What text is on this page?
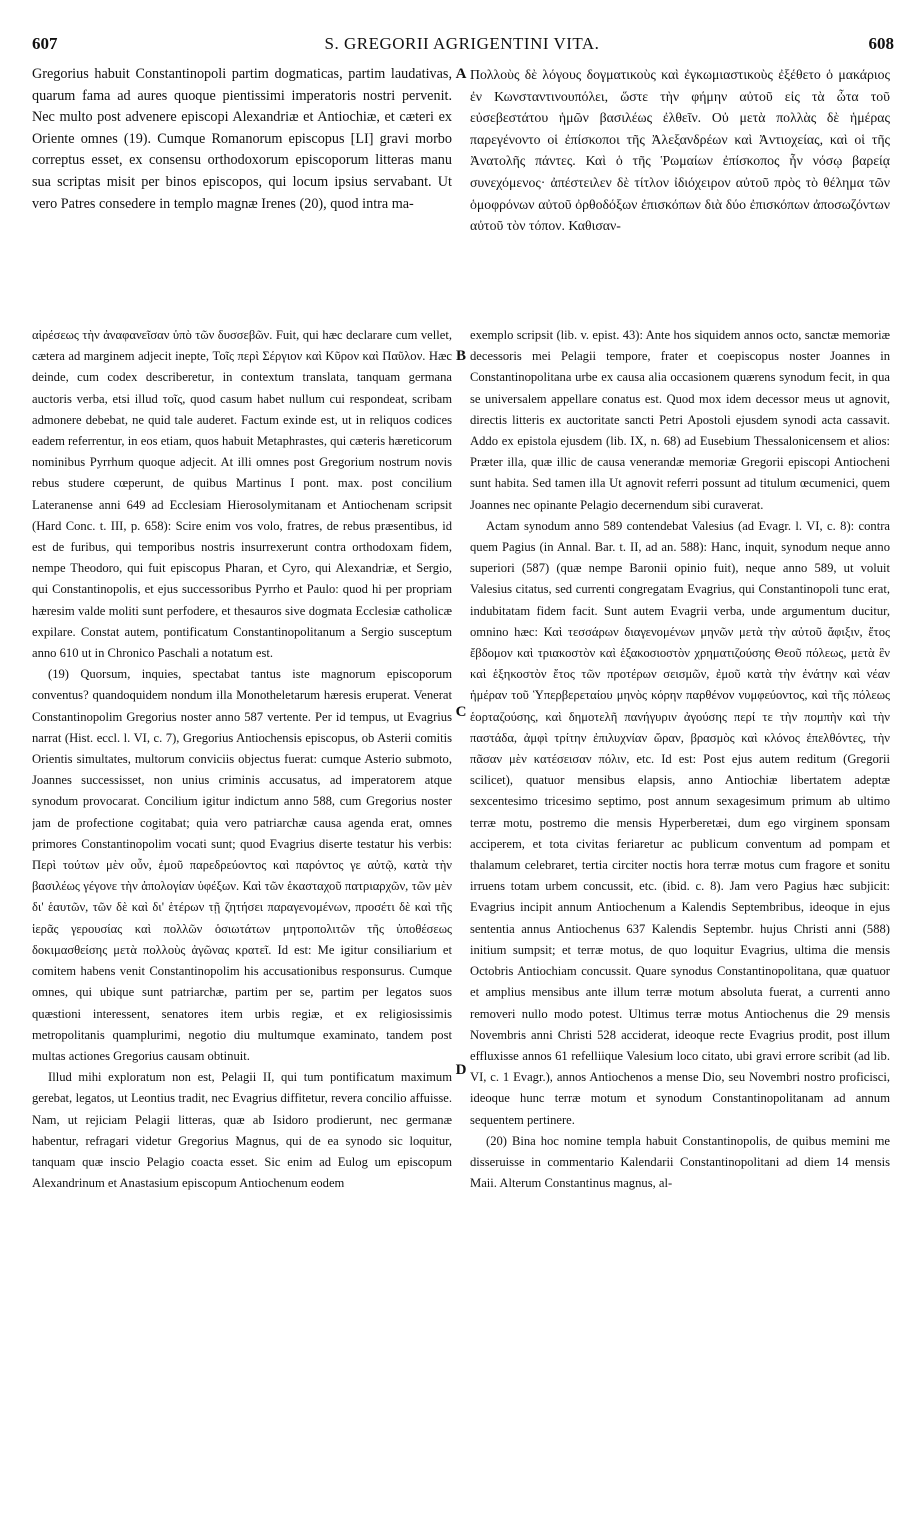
607	S. GREGORII AGRIGENTINI VITA.	608

Gregorius habuit Constantinopoli partim dogmaticas, partim laudativas, quarum fama ad aures quoque pientissimi imperatoris nostri pervenit. Nec multo post advenere episcopi Alexandriæ et Antiochiæ, et cæteri ex Oriente omnes (19). Cumque Romanorum episcopus [LI] gravi morbo correptus esset, ex consensu orthodoxorum episcoporum litteras manu sua scriptas misit per binos episcopos, qui locum ipsius servabant. Ut vero Patres consedere in templo magnæ Irenes (20), quod intra ma-

Πολλοὺς δὲ λόγους δογματικοὺς καὶ ἐγκωμιαστικοὺς ἐξέθετο ὁ μακάριος ἐν Κωνσταντινουπόλει, ὥστε τὴν φήμην αὐτοῦ εἰς τὰ ὦτα τοῦ εὐσεβεστάτου ἡμῶν βασιλέως ἐλθεῖν. Οὐ μετὰ πολλὰς δὲ ἡμέρας παρεγένοντο οἱ ἐπίσκοποι τῆς Ἀλεξανδρέων καὶ Ἀντιοχείας, καὶ οἱ τῆς Ἀνατολῆς πάντες. Καὶ ὁ τῆς Ῥωμαίων ἐπίσκοπος ἦν νόσῳ βαρείᾳ συνεχόμενος· ἀπέστειλεν δὲ τίτλον ἰδιόχειρον αὐτοῦ πρὸς τὸ θέλημα τῶν ὁμοφρόνων αὐτοῦ ὀρθοδόξων ἐπισκόπων διὰ δύο ἐπισκόπων ἀποσωζόντων αὐτοῦ τὸν τόπον. Καθισαν-

A
B
C
D

αἱρέσεως τὴν ἀναφανεῖσαν ὑπὸ τῶν δυσσεβῶν. Fuit, qui hæc declarare cum vellet, cætera ad marginem adjecit inepte, Τοῖς περὶ Σέργιον καὶ Κῦρον καὶ Παῦλον. Hæc deinde, cum codex describeretur, in contextum translata, tanquam germana auctoris verba, etsi illud τοῖς, quod casum habet nullum cui respondeat, scribam admonere debebat, ne quid tale auderet. Factum exinde est, ut in reliquos codices eadem referrentur, in eos etiam, quos habuit Metaphrastes, qui cæteris hæreticorum nominibus Pyrrhum quoque adjecit. At illi omnes post Gregorium nostrum novis rebus studere cœperunt, de quibus Martinus I pont. max. post concilium Lateranense anni 649 ad Ecclesiam Hierosolymitanam et Antiochenam scripsit (Hard Conc. t. III, p. 658): Scire enim vos volo, fratres, de rebus præsentibus, id est de furibus, qui temporibus nostris insurrexerunt contra orthodoxam fidem, nempe Theodoro, qui fuit episcopus Pharan, et Cyro, qui Alexandriæ, et Sergio, qui Constantinopolis, et ejus successoribus Pyrrho et Paulo: quod hi per propriam hæresim valde moliti sunt perfodere, et thesauros sive dogmata Ecclesiæ catholicæ expilare. Constat autem, pontificatum Constantinopolitanum a Sergio susceptum anno 610 ut in Chronico Paschali a notatum est.

(19) Quorsum, inquies, spectabat tantus iste magnorum episcoporum conventus? quandoquidem nondum illa Monotheletarum hæresis eruperat. Venerat Constantinopolim Gregorius noster anno 587 vertente. Per id tempus, ut Evagrius narrat (Hist. eccl. l. VI, c. 7), Gregorius Antiochensis episcopus, ob Asterii comitis Orientis simultates, multorum conviciis objectus fuerat: cumque Asterio submoto, Joannes successisset, non unius criminis accusatus, ad imperatorem atque synodum provocarat. Concilium igitur indictum anno 588, cum Gregorius noster jam de profectione cogitabat; quia vero patriarchæ causa agenda erat, omnes primores Constantinopolim vocati sunt; quod Evagrius diserte testatur his verbis: Περὶ τούτων μὲν οὖν, ἐμοῦ παρεδρεύοντος καὶ παρόντος γε αὐτῷ, κατὰ τὴν βασιλέως γέγονε τὴν ἀπολογίαν ὑφέξων. Καὶ τῶν ἑκασταχοῦ πατριαρχῶν, τῶν μὲν δι' ἑαυτῶν, τῶν δὲ καὶ δι' ἑτέρων τῇ ζητήσει παραγενομένων, προσέτι δὲ καὶ τῆς ἱερᾶς γερουσίας καὶ πολλῶν ὁσιωτάτων μητροπολιτῶν τῆς ὑποθέσεως δοκιμασθείσης μετὰ πολλοὺς ἀγῶνας κρατεῖ. Id est: Me igitur consiliarium et comitem habens venit Constantinopolim his accusationibus responsurus. Cumque omnes, qui ubique sunt patriarchæ, partim per se, partim per legatos suos quæstioni interessent, senatores item urbis regiæ, et ex religiosissimis metropolitanis quamplurimi, negotio diu multumque examinato, tandem post multas actiones Gregorius causam obtinuit.

Illud mihi exploratum non est, Pelagii II, qui tum pontificatum maximum gerebat, legatos, ut Leontius tradit, nec Evagrius diffitetur, revera concilio affuisse. Nam, ut rejiciam Pelagii litteras, quæ ab Isidoro prodierunt, nec germanæ habentur, refragari videtur Gregorius Magnus, qui de ea synodo sic loquitur, tanquam quæ inscio Pelagio coacta esset. Sic enim ad Eulog um episcopum Alexandrinum et Anastasium episcopum Antiochenum eodem

exemplo scripsit (lib. v. epist. 43): Ante hos siquidem annos octo, sanctæ memoriæ decessoris mei Pelagii tempore, frater et coepiscopus noster Joannes in Constantinopolitana urbe ex causa alia occasionem quærens synodum fecit, in qua se universalem appellare conatus est. Quod mox idem decessor meus ut agnovit, directis litteris ex auctoritate sancti Petri Apostoli ejusdem synodi acta cassavit. Addo ex epistola ejusdem (lib. IX, n. 68) ad Eusebium Thessalonicensem et alios: Præter illa, quæ illic de causa venerandæ memoriæ Gregorii episcopi Antiocheni sunt habita. Sed tamen illa Ut agnovit referri possunt ad titulum œcumenici, quem Joannes nec opinante Pelagio decernendum sibi curaverat.

Actam synodum anno 589 contendebat Valesius (ad Evagr. l. VI, c. 8): contra quem Pagius (in Annal. Bar. t. II, ad an. 588): Hanc, inquit, synodum neque anno superiori (587) (quæ nempe Baronii opinio fuit), neque anno 589, ut voluit Valesius citatus, sed currenti congregatam Evagrius, qui Constantinopoli tunc erat, indubitatam fidem facit. Sunt autem Evagrii verba, unde argumentum ducitur, omnino hæc: Καὶ τεσσάρων διαγενομένων μηνῶν μετὰ τὴν αὐτοῦ ἄφιξιν, ἔτος ἔβδομον καὶ τριακοστὸν καὶ ἑξακοσιοστὸν χρηματιζούσης Θεοῦ πόλεως, μετὰ ἓν καὶ ἑξηκοστὸν ἔτος τῶν προτέρων σεισμῶν, ἐμοῦ κατὰ τὴν ἐνάτην καὶ νέαν ἡμέραν τοῦ Ὑπερβερεταίου μηνὸς κόρην παρθένον νυμφεύοντος, καὶ τῆς πόλεως ἑορταζούσης, καὶ δημοτελῆ πανήγυριν ἀγούσης περί τε τὴν πομπὴν καὶ τὴν παστάδα, ἀμφὶ τρίτην ἐπιλυχνίαν ὥραν, βρασμὸς καὶ κλόνος ἐπελθόντες, τὴν πᾶσαν μὲν κατέσεισαν πόλιν, etc. Id est: Post ejus autem reditum (Gregorii scilicet), quatuor mensibus elapsis, anno Antiochiæ libertatem adeptæ sexcentesimo tricesimo septimo, post annum sexagesimum primum ab ultimo terræ motu, postremo die mensis Hyperberetæi, dum ego virginem sponsam acciperem, et tota civitas feriaretur ac publicum conventum ad pompam et thalamum celebraret, tertia circiter noctis hora terræ motus cum fragore et sonitu irruens totam urbem concussit, etc. (ibid. c. 8). Jam vero Pagius hæc subjicit: Evagrius incipit annum Antiochenum a Kalendis Septembribus, ideoque in ejus sententia annus Antiochenus 637 Kalendis Septembr. hujus Christi anni (588) initium sumpsit; et terræ motus, de quo loquitur Evagrius, ultima die mensis Octobris Antiochiam concussit. Quare synodus Constantinopolitana, quæ quatuor et amplius mensibus ante illum terræ motum absoluta fuerat, a currenti anno removeri nullo modo potest. Ultimus terræ motus Antiochenus die 29 mensis Novembris anni Christi 528 acciderat, ideoque recte Evagrius prodit, post illum effluxisse annos 61 refelliique Valesium loco citato, ubi gravi errore scribit (ad lib. VI, c. 1 Evagr.), annos Antiochenos a mense Dio, seu Novembri nostro proficisci, ideoque hunc terræ motum et synodum Constantinopolitanam ad annum sequentem pertinere.

(20) Bina hoc nomine templa habuit Constantinopolis, de quibus memini me disseruisse in commentario Kalendarii Constantinopolitani ad diem 14 mensis Maii. Alterum Constantinus magnus, al-
